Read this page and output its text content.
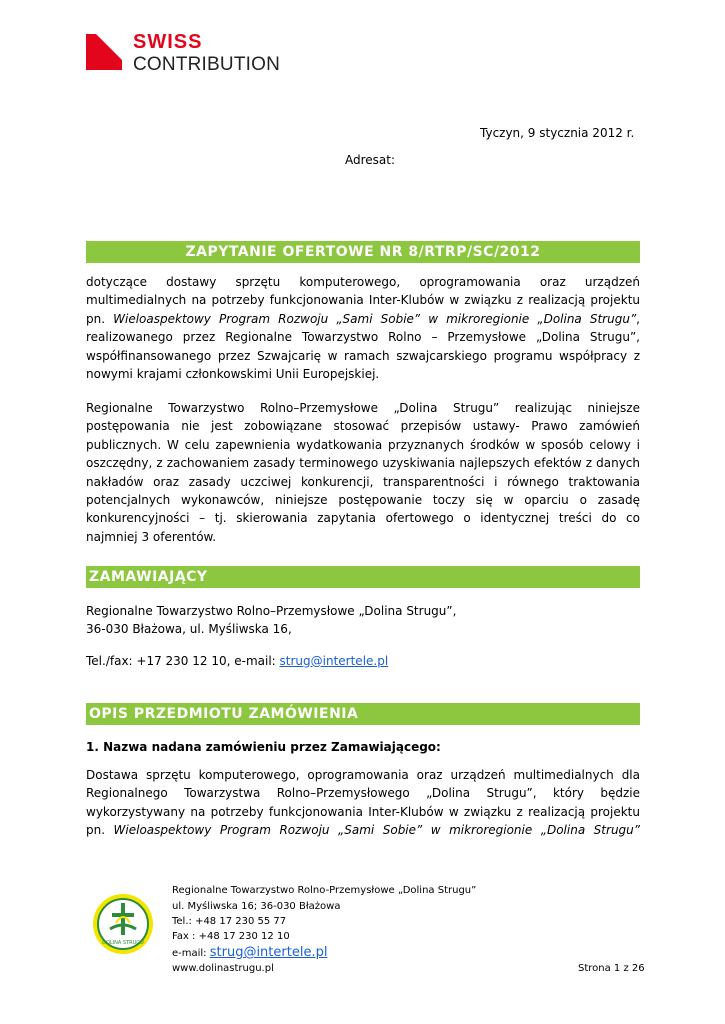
SWISS
CONTRIBUTION
Tyczyn, 9 stycznia 2012 r.
Adresat:
ZAPYTANIE OFERTOWE NR 8/RTRP/SC/2012
dotyczące dostawy sprzętu komputerowego, oprogramowania oraz urządzeń
multimedialnych na potrzeby funkcjonowania Inter-Klubów w związku z realizacją projektu
pn. Wieloaspektowy Program Rozwoju „Sami Sobie” w mikroregionie „Dolina Strugu”,
realizowanego przez Regionalne Towarzystwo Rolno – Przemysłowe „Dolina Strugu”,
współfinansowanego przez Szwajcarię w ramach szwajcarskiego programu współpracy z
nowymi krajami członkowskimi Unii Europejskiej.
Regionalne Towarzystwo Rolno–Przemysłowe „Dolina Strugu” realizując niniejsze
postępowania nie jest zobowiązane stosować przepisów ustawy- Prawo zamówień
publicznych. W celu zapewnienia wydatkowania przyznanych środków w sposób celowy i
oszczędny, z zachowaniem zasady terminowego uzyskiwania najlepszych efektów z danych
nakładów oraz zasady uczciwej konkurencji, transparentności i równego traktowania
potencjalnych wykonawców, niniejsze postępowanie toczy się w oparciu o zasadę
konkurencyjności – tj. skierowania zapytania ofertowego o identycznej treści do co
najmniej 3 oferentów.
ZAMAWIAJĄCY
Regionalne Towarzystwo Rolno–Przemysłowe „Dolina Strugu”,
36-030 Błażowa, ul. Myśliwska 16,
Tel./fax: +17 230 12 10, e-mail: strug@intertele.pl
OPIS PRZEDMIOTU ZAMÓWIENIA
1. Nazwa nadana zamówieniu przez Zamawiającego:
Dostawa sprzętu komputerowego, oprogramowania oraz urządzeń multimedialnych dla
Regionalnego Towarzystwa Rolno–Przemysłowego „Dolina Strugu”, który będzie
wykorzystywany na potrzeby funkcjonowania Inter-Klubów w związku z realizacją projektu
pn. Wieloaspektowy Program Rozwoju „Sami Sobie” w mikroregionie „Dolina Strugu”
DOLINA STRUGU
Regionalne Towarzystwo Rolno-Przemysłowe „Dolina Strugu”
ul. Myśliwska 16; 36-030 Błażowa
Tel.: +48 17 230 55 77
Fax : +48 17 230 12 10
e-mail: strug@intertele.pl
www.dolinastrugu.pl	Strona 1 z 26
